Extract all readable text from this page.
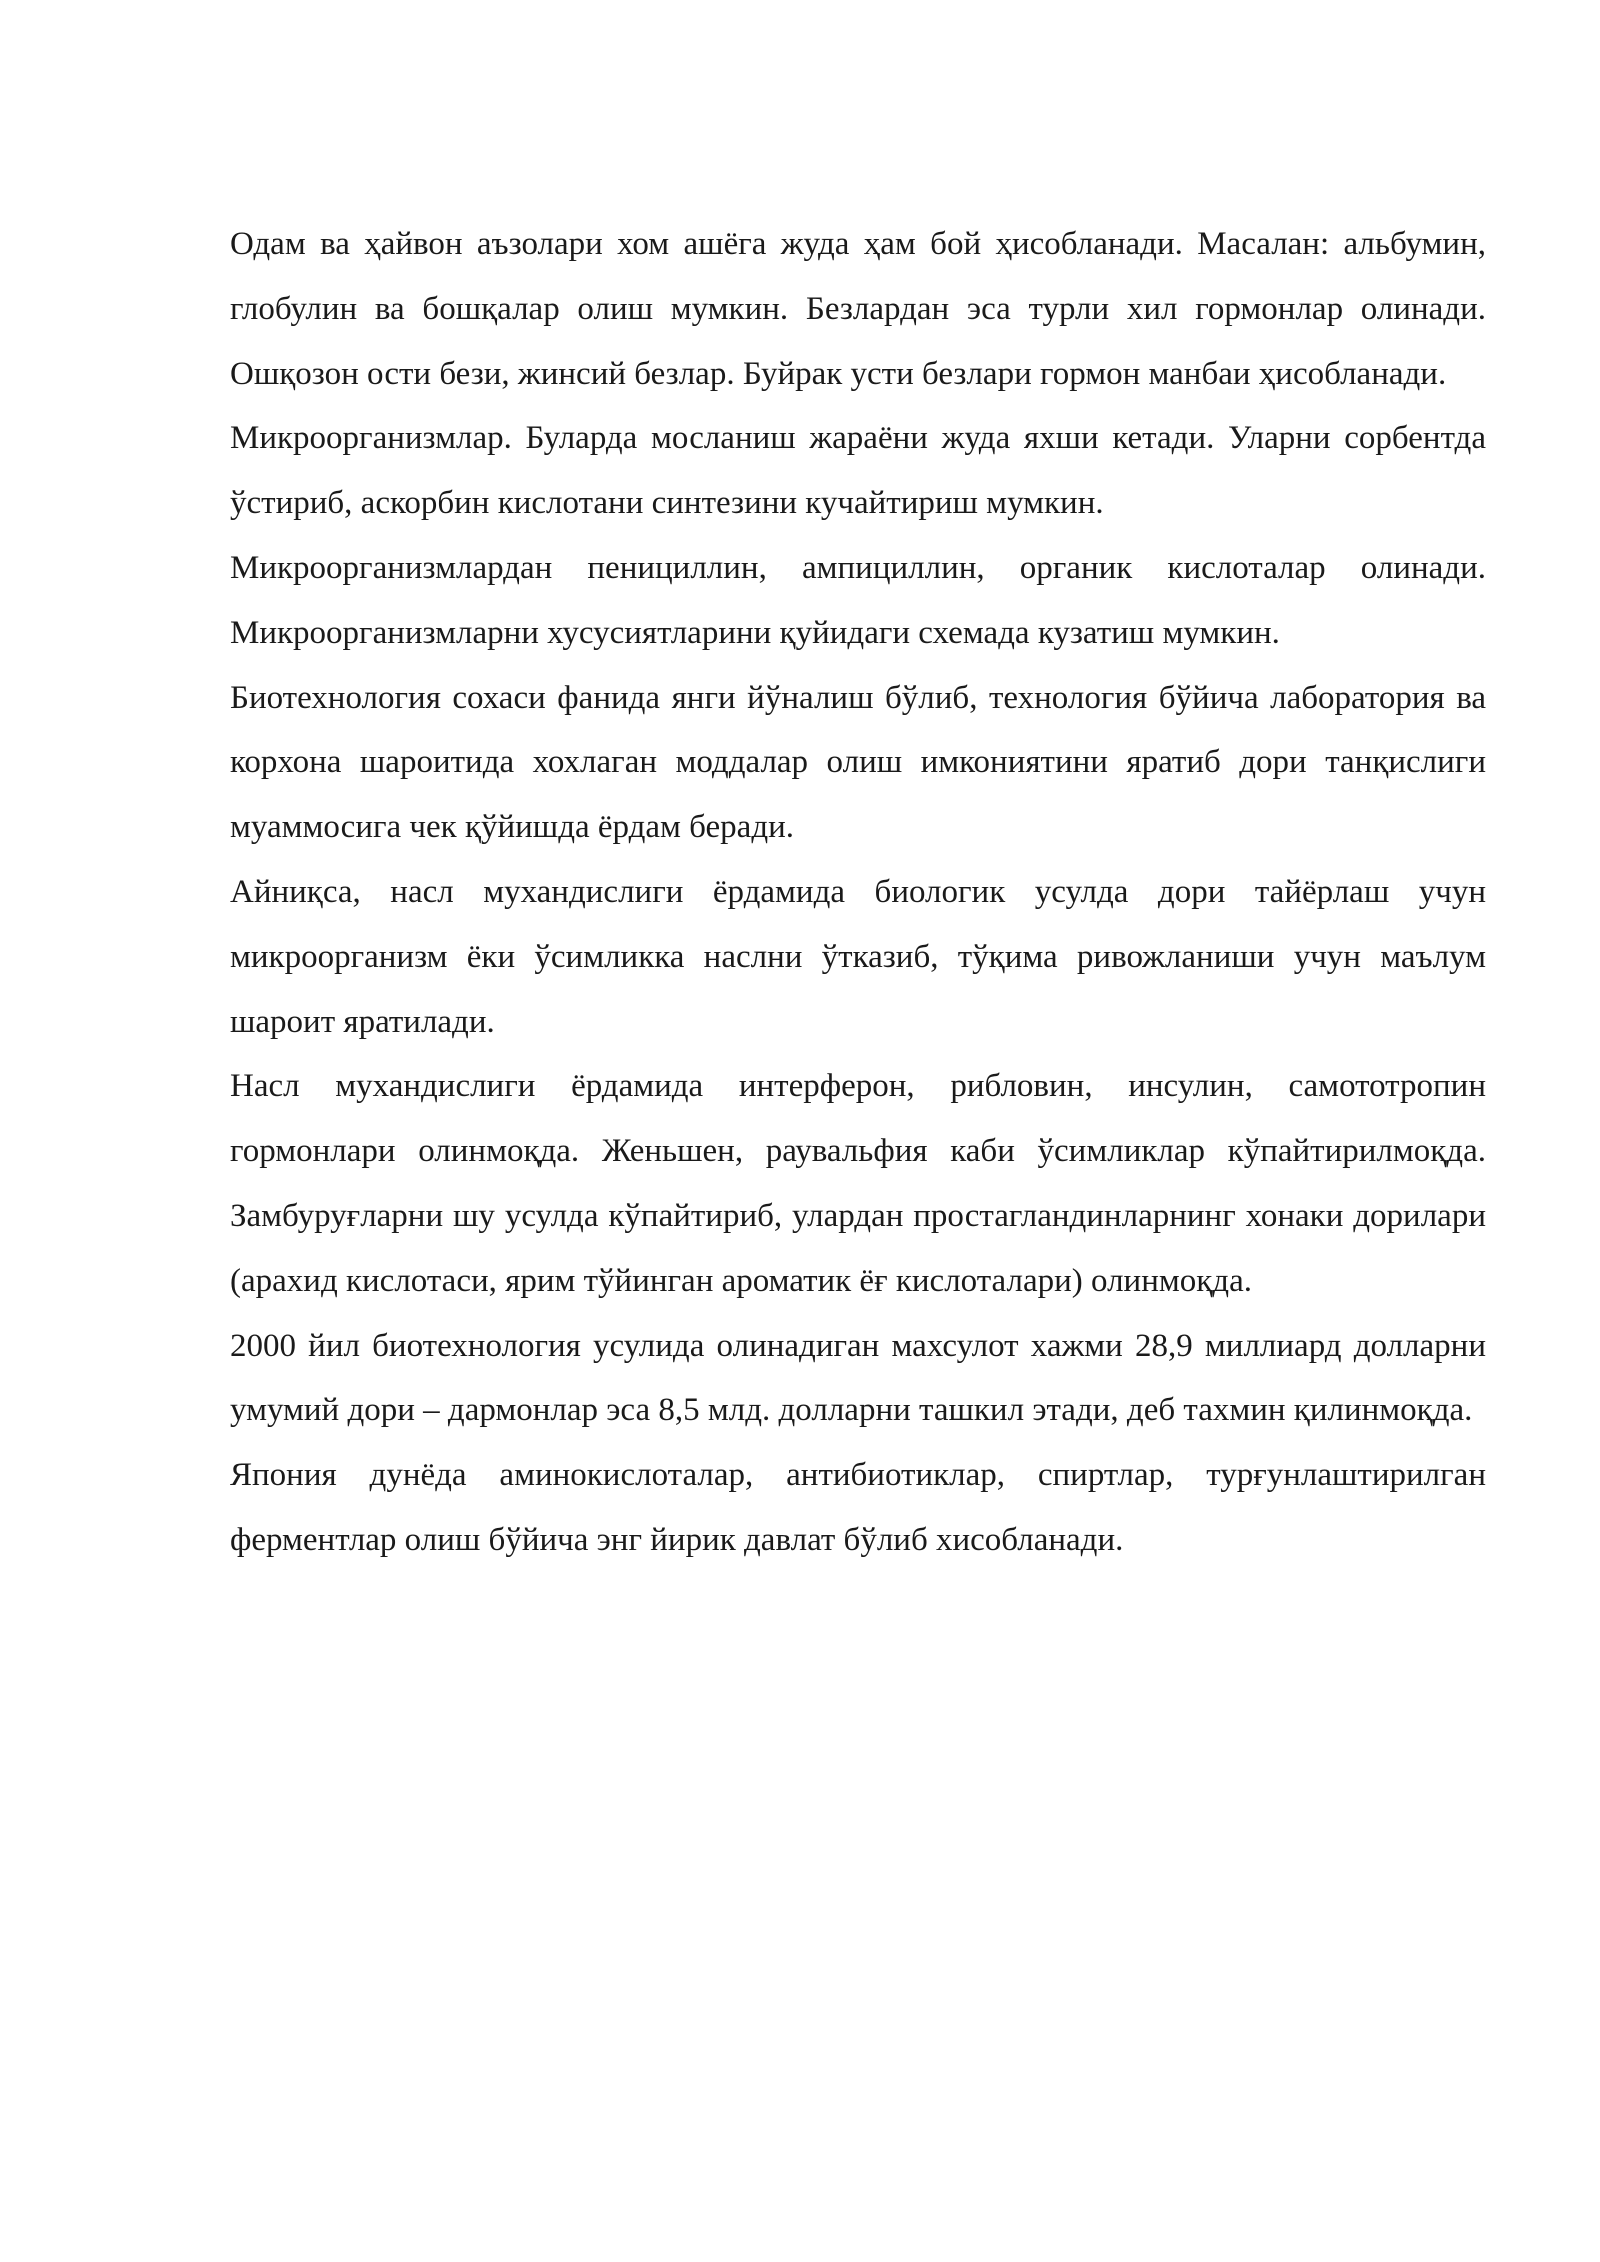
Одам ва ҳайвон аъзолари хом ашёга жуда ҳам бой ҳисобланади. Масалан: альбумин, глобулин ва бошқалар олиш мумкин. Безлардан эса турли хил гормонлар олинади. Ошқозон ости бези, жинсий безлар. Буйрак усти безлари гормон манбаи ҳисобланади.

Микроорганизмлар. Буларда мосланиш жараёни жуда яхши кетади. Уларни сорбентда ўстириб, аскорбин кислотани синтезини кучайтириш мумкин.

Микроорганизмлардан пенициллин, ампициллин, органик кислоталар олинади. Микроорганизмларни хусусиятларини қуйидаги схемада кузатиш мумкин.

Биотехнология сохаси фанида янги йўналиш бўлиб, технология бўйича лаборатория ва корхона шароитида хохлаган моддалар олиш имкониятини яратиб дори танқислиги муаммосига чек қўйишда ёрдам беради.

Айниқса, насл мухандислиги ёрдамида биологик усулда дори тайёрлаш учун микроорганизм ёки ўсимликка наслни ўтказиб, тўқима ривожланиши учун маълум шароит яратилади.

Насл мухандислиги ёрдамида интерферон, рибловин, инсулин, самототропин гормонлари олинмоқда. Женьшен, раувальфия каби ўсимликлар кўпайтирилмоқда. Замбуруғларни шу усулда кўпайтириб, улардан простагландинларнинг хонаки дорилари (арахид кислотаси, ярим тўйинган ароматик ёғ кислоталари) олинмоқда.

2000 йил биотехнология усулида олинадиган махсулот хажми 28,9 миллиард долларни умумий дори – дармонлар эса 8,5 млд. долларни ташкил этади, деб тахмин қилинмоқда.

Япония дунёда аминокислоталар, антибиотиклар, спиртлар, турғунлаштирилган ферментлар олиш бўйича энг йирик давлат бўлиб хисобланади.
